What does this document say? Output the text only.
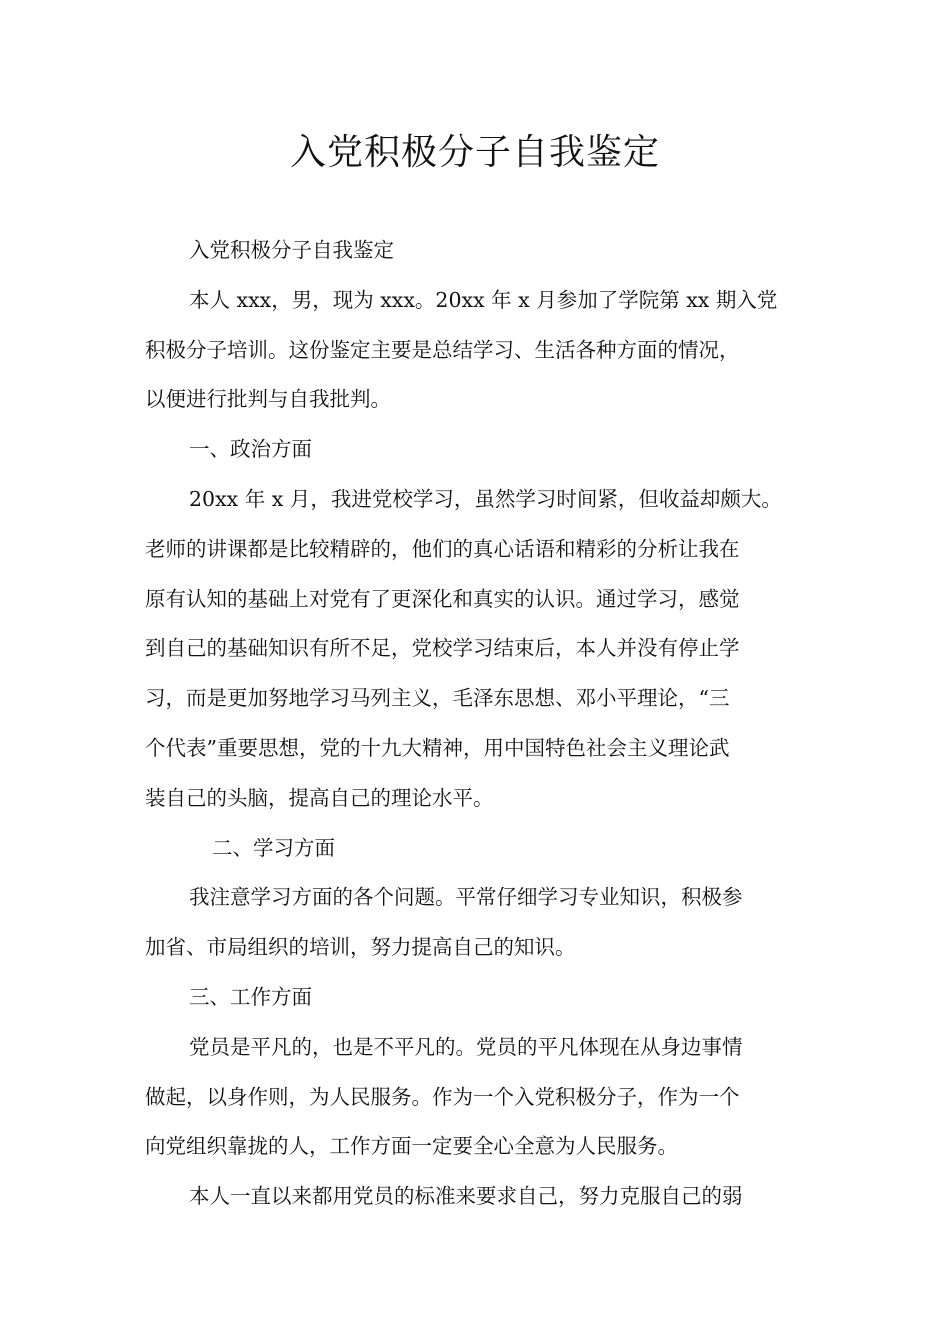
入党积极分子自我鉴定
入党积极分子自我鉴定
本人 xxx，男，现为 xxx。20xx 年 x 月参加了学院第 xx 期入党
积极分子培训。这份鉴定主要是总结学习、生活各种方面的情况，
以便进行批判与自我批判。
一、政治方面
20xx 年 x 月，我进党校学习，虽然学习时间紧，但收益却颇大。
老师的讲课都是比较精辟的，他们的真心话语和精彩的分析让我在
原有认知的基础上对党有了更深化和真实的认识。通过学习，感觉
到自己的基础知识有所不足，党校学习结束后，本人并没有停止学
习，而是更加努地学习马列主义，毛泽东思想、邓小平理论，“三
个代表”重要思想，党的十九大精神，用中国特色社会主义理论武
装自己的头脑，提高自己的理论水平。
二、学习方面
我注意学习方面的各个问题。平常仔细学习专业知识，积极参
加省、市局组织的培训，努力提高自己的知识。
三、工作方面
党员是平凡的，也是不平凡的。党员的平凡体现在从身边事情
做起，以身作则，为人民服务。作为一个入党积极分子，作为一个
向党组织靠拢的人，工作方面一定要全心全意为人民服务。
本人一直以来都用党员的标准来要求自己，努力克服自己的弱
